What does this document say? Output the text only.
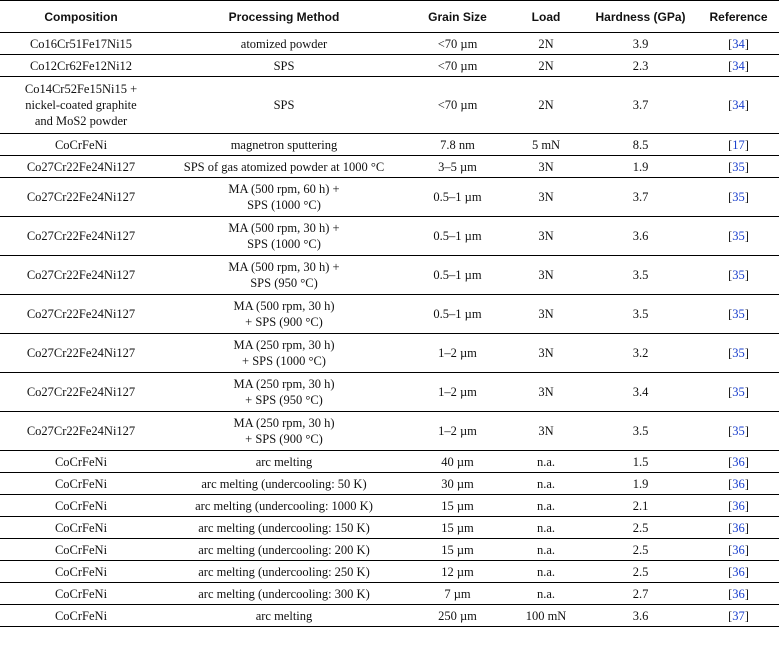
Composition	Processing Method	Grain Size	Load	Hardness (GPa)	Reference
Co16Cr51Fe17Ni15	atomized powder	<70 µm	2N	3.9	[34]
Co12Cr62Fe12Ni12	SPS	<70 µm	2N	2.3	[34]
Co14Cr52Fe15Ni15 +
nickel-coated graphite
and MoS2 powder	SPS	<70 µm	2N	3.7	[34]
CoCrFeNi	magnetron sputtering	7.8 nm	5 mN	8.5	[17]
Co27Cr22Fe24Ni127	SPS of gas atomized powder at 1000 °C	3–5 µm	3N	1.9	[35]
Co27Cr22Fe24Ni127	MA (500 rpm, 60 h) +
SPS (1000 °C)	0.5–1 µm	3N	3.7	[35]
Co27Cr22Fe24Ni127	MA (500 rpm, 30 h) +
SPS (1000 °C)	0.5–1 µm	3N	3.6	[35]
Co27Cr22Fe24Ni127	MA (500 rpm, 30 h) +
SPS (950 °C)	0.5–1 µm	3N	3.5	[35]
Co27Cr22Fe24Ni127	MA (500 rpm, 30 h)
+ SPS (900 °C)	0.5–1 µm	3N	3.5	[35]
Co27Cr22Fe24Ni127	MA (250 rpm, 30 h)
+ SPS (1000 °C)	1–2 µm	3N	3.2	[35]
Co27Cr22Fe24Ni127	MA (250 rpm, 30 h)
+ SPS (950 °C)	1–2 µm	3N	3.4	[35]
Co27Cr22Fe24Ni127	MA (250 rpm, 30 h)
+ SPS (900 °C)	1–2 µm	3N	3.5	[35]
CoCrFeNi	arc melting	40 µm	n.a.	1.5	[36]
CoCrFeNi	arc melting (undercooling: 50 K)	30 µm	n.a.	1.9	[36]
CoCrFeNi	arc melting (undercooling: 1000 K)	15 µm	n.a.	2.1	[36]
CoCrFeNi	arc melting (undercooling: 150 K)	15 µm	n.a.	2.5	[36]
CoCrFeNi	arc melting (undercooling: 200 K)	15 µm	n.a.	2.5	[36]
CoCrFeNi	arc melting (undercooling: 250 K)	12 µm	n.a.	2.5	[36]
CoCrFeNi	arc melting (undercooling: 300 K)	7 µm	n.a.	2.7	[36]
CoCrFeNi	arc melting	250 µm	100 mN	3.6	[37]
